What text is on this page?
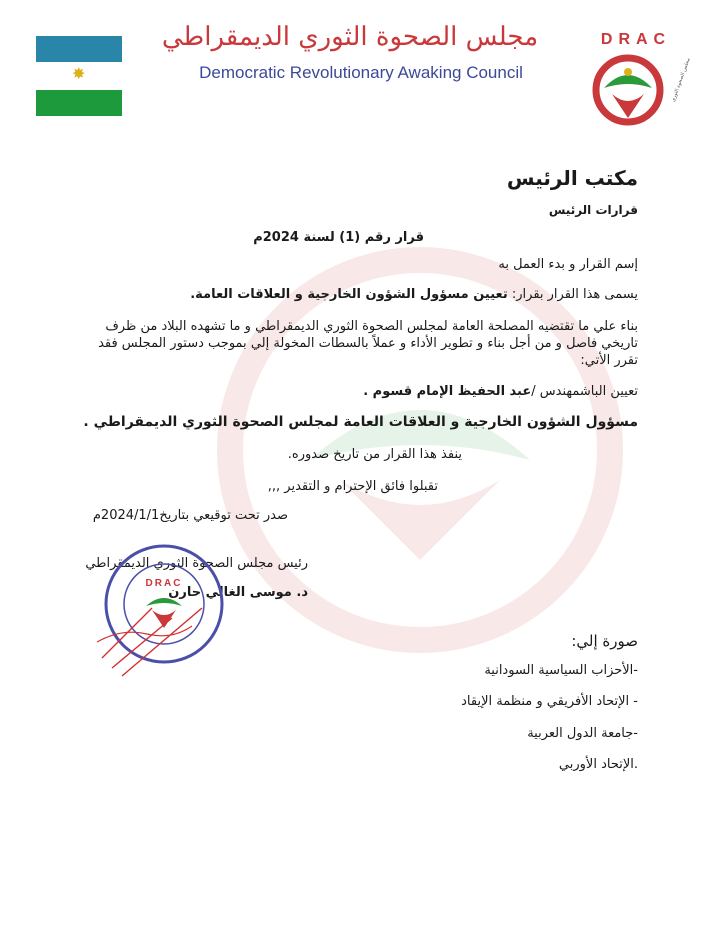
✸
مجلس الصحوة الثوري الديمقراطي
Democratic Revolutionary Awaking Council
DRAC
مجلس الصحوة الثوري
مكتب الرئيس
قرارات الرئيس
قرار رقم (1) لسنة 2024م
إسم القرار و بدء العمل به
يسمى هذا القرار بقرار: تعيين مسؤول الشؤون الخارجية و العلاقات العامة.
بناء علي ما تقتضيه المصلحة العامة لمجلس الصحوة الثوري الديمقراطي و ما تشهده البلاد من ظرف تاريخي فاصل و من أجل بناء و تطوير الأداء و عملاً بالسطات المخولة إلي بموجب دستور المجلس فقد تقرر الأتي:
تعيين الباشمهندس /عبد الحفيظ الإمام قسوم .
مسؤول الشؤون الخارجية و العلاقات العامة لمجلس الصحوة الثوري الديمقراطي .
ينفذ هذا القرار من تاريخ صدوره.
تقبلوا فائق الإحترام و التقدير ,,,
صدر تحت توقيعي بتاريخ2024/1/1م
رئيس مجلس الصحوة الثوري الديمقراطي
د. موسى الغالي حارن
صورة إلي:
-الأحزاب السياسية السودانية
- الإتحاد الأفريقي و منظمة الإيقاد
-جامعة الدول العربية
.الإتحاد الأوربي
DRAC
